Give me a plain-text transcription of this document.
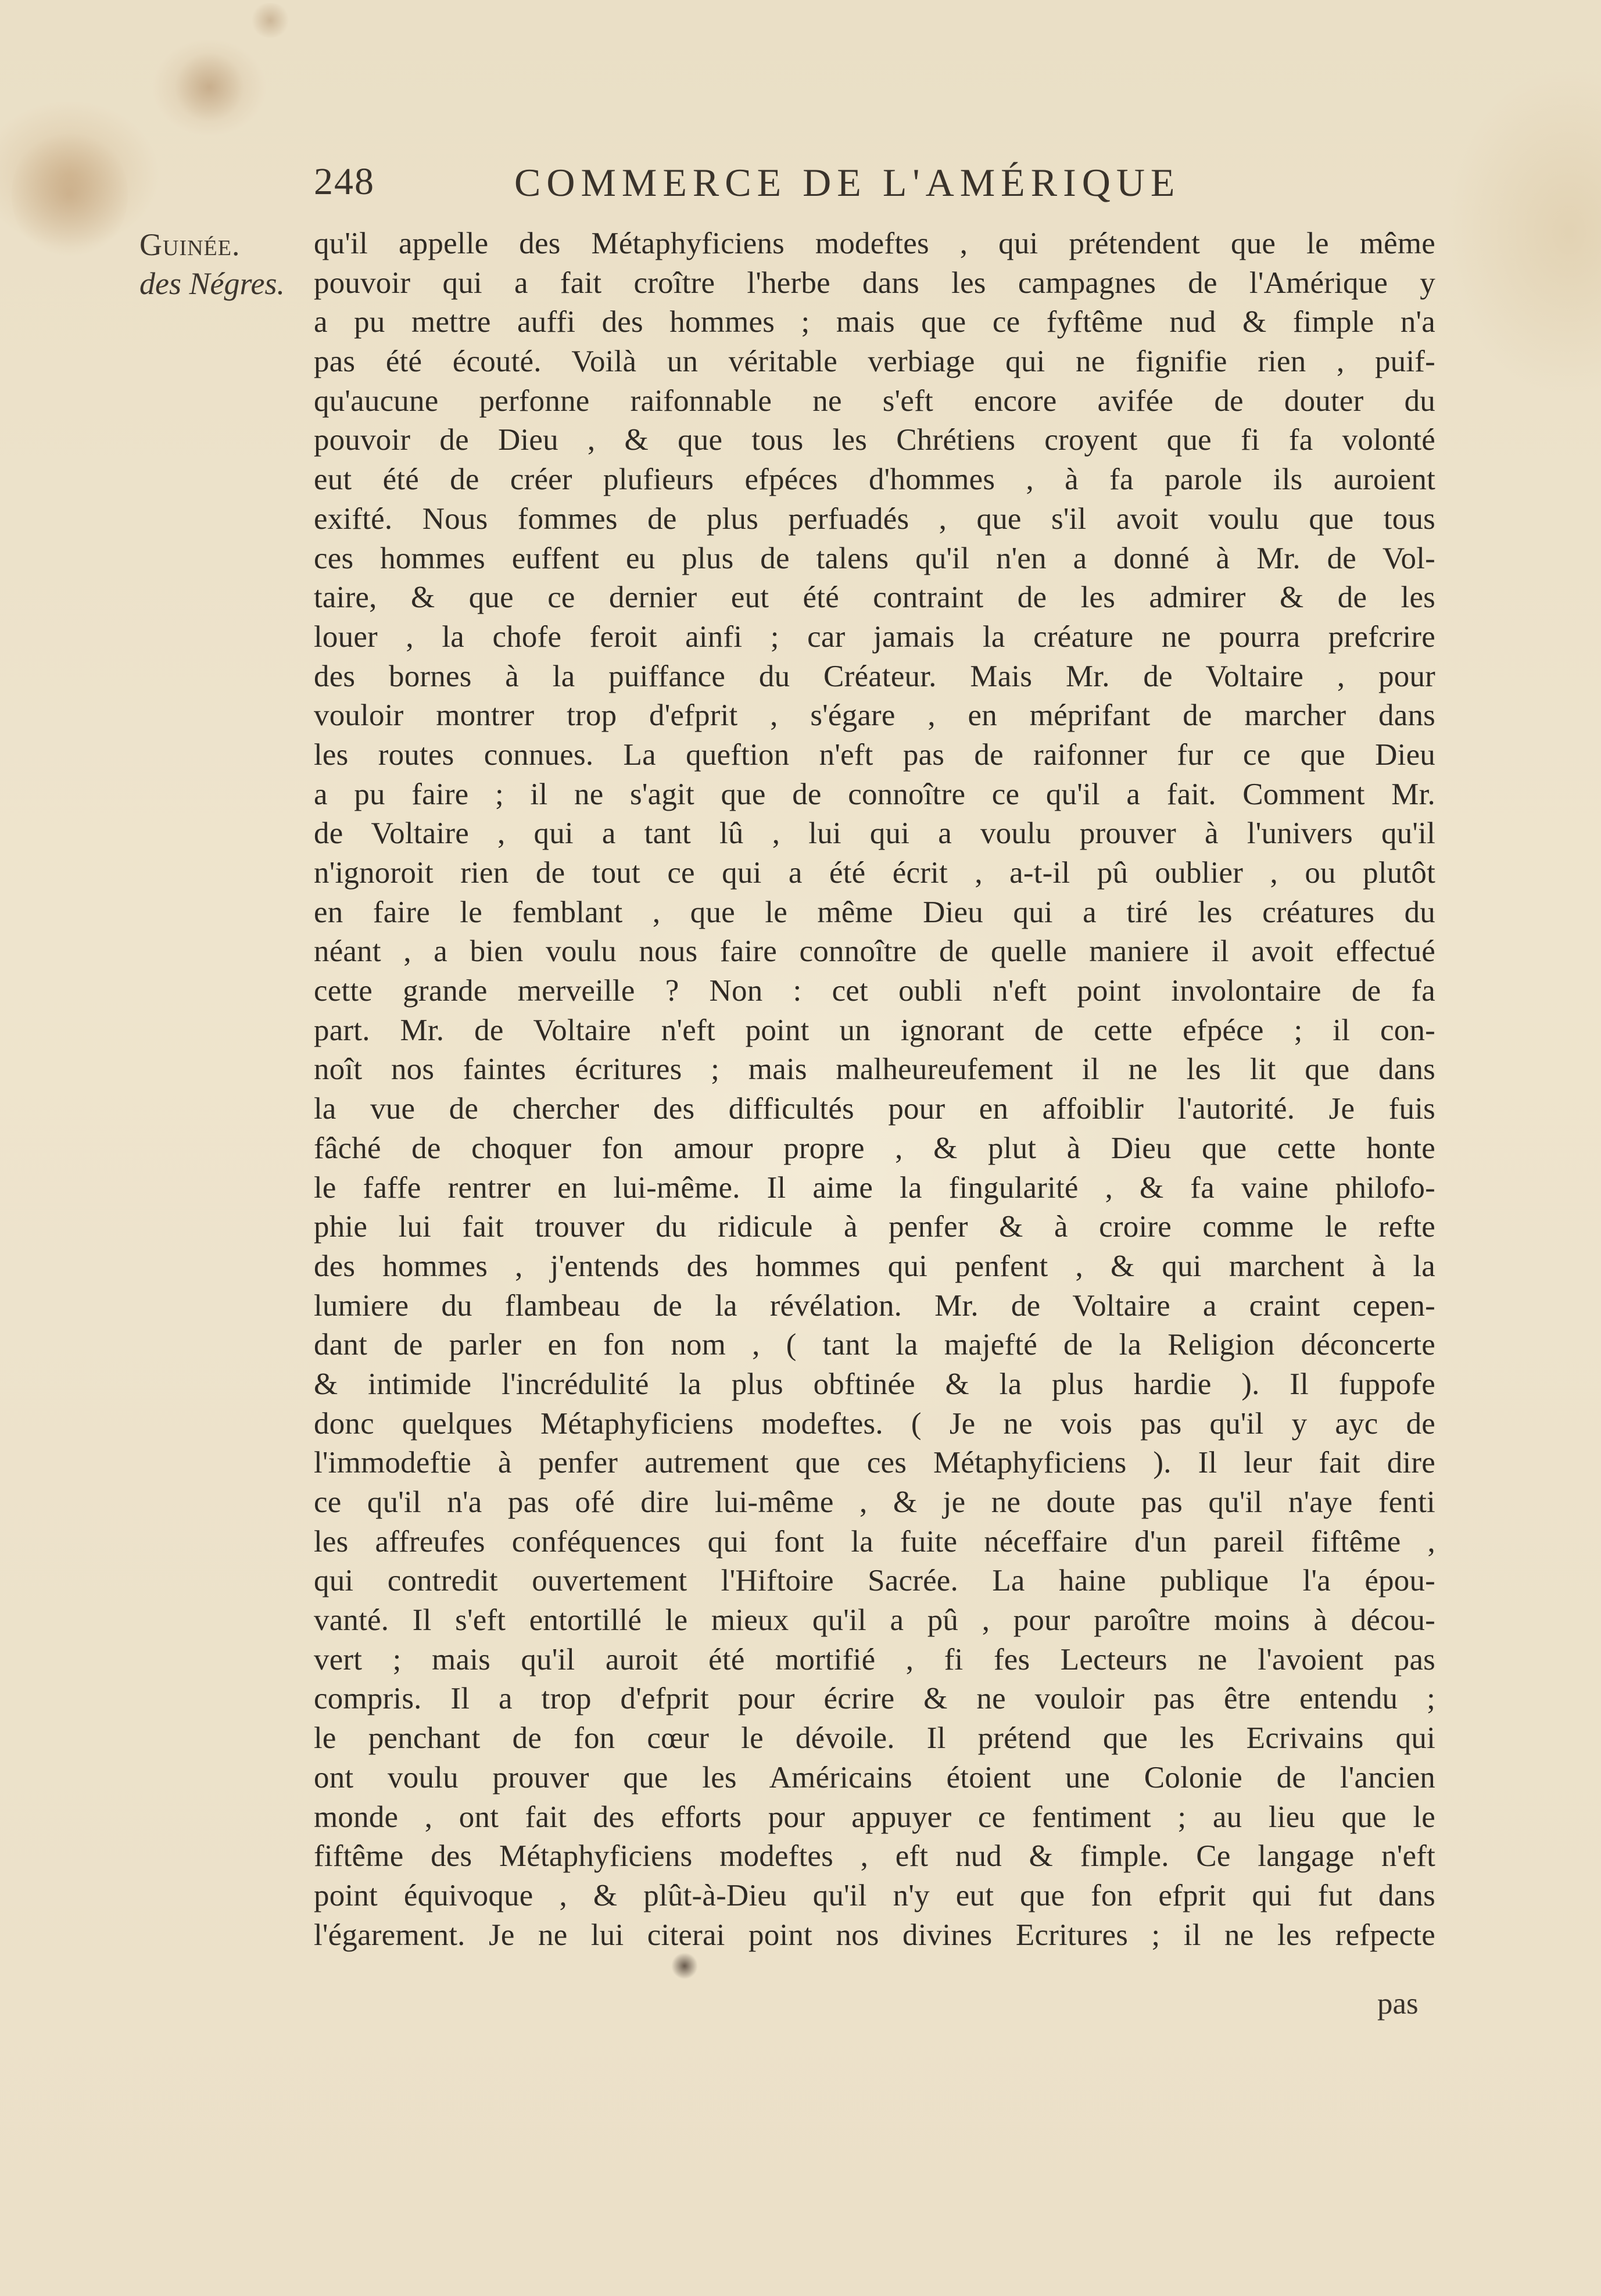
248	COMMERCE DE L'AMÉRIQUE
Guinée.
des Négres.
qu'il appelle des Métaphyficiens modeftes , qui prétendent que le même
pouvoir qui a fait croître l'herbe dans les campagnes de l'Amérique y
a pu mettre auffi des hommes ; mais que ce fyftême nud & fimple n'a
pas été écouté. Voilà un véritable verbiage qui ne fignifie rien , puif-
qu'aucune perfonne raifonnable ne s'eft encore avifée de douter du
pouvoir de Dieu , & que tous les Chrétiens croyent que fi fa volonté
eut été de créer plufieurs efpéces d'hommes , à fa parole ils auroient
exifté. Nous fommes de plus perfuadés , que s'il avoit voulu que tous
ces hommes euffent eu plus de talens qu'il n'en a donné à Mr. de Vol-
taire, & que ce dernier eut été contraint de les admirer & de les
louer , la chofe feroit ainfi ; car jamais la créature ne pourra prefcrire
des bornes à la puiffance du Créateur. Mais Mr. de Voltaire , pour
vouloir montrer trop d'efprit , s'égare , en méprifant de marcher dans
les routes connues. La queftion n'eft pas de raifonner fur ce que Dieu
a pu faire ; il ne s'agit que de connoître ce qu'il a fait. Comment Mr.
de Voltaire , qui a tant lû , lui qui a voulu prouver à l'univers qu'il
n'ignoroit rien de tout ce qui a été écrit , a-t-il pû oublier , ou plutôt
en faire le femblant , que le même Dieu qui a tiré les créatures du
néant , a bien voulu nous faire connoître de quelle maniere il avoit effectué
cette grande merveille ? Non : cet oubli n'eft point involontaire de fa
part. Mr. de Voltaire n'eft point un ignorant de cette efpéce ; il con-
noît nos faintes écritures ; mais malheureufement il ne les lit que dans
la vue de chercher des difficultés pour en affoiblir l'autorité. Je fuis
fâché de choquer fon amour propre , & plut à Dieu que cette honte
le faffe rentrer en lui-même. Il aime la fingularité , & fa vaine philofo-
phie lui fait trouver du ridicule à penfer & à croire comme le refte
des hommes , j'entends des hommes qui penfent , & qui marchent à la
lumiere du flambeau de la révélation. Mr. de Voltaire a craint cepen-
dant de parler en fon nom , ( tant la majefté de la Religion déconcerte
& intimide l'incrédulité la plus obftinée & la plus hardie ). Il fuppofe
donc quelques Métaphyficiens modeftes. ( Je ne vois pas qu'il y ayc de
l'immodeftie à penfer autrement que ces Métaphyficiens ). Il leur fait dire
ce qu'il n'a pas ofé dire lui-même , & je ne doute pas qu'il n'aye fenti
les affreufes conféquences qui font la fuite néceffaire d'un pareil fiftême ,
qui contredit ouvertement l'Hiftoire Sacrée. La haine publique l'a épou-
vanté. Il s'eft entortillé le mieux qu'il a pû , pour paroître moins à décou-
vert ; mais qu'il auroit été mortifié , fi fes Lecteurs ne l'avoient pas
compris. Il a trop d'efprit pour écrire & ne vouloir pas être entendu ;
le penchant de fon cœur le dévoile. Il prétend que les Ecrivains qui
ont voulu prouver que les Américains étoient une Colonie de l'ancien
monde , ont fait des efforts pour appuyer ce fentiment ; au lieu que le
fiftême des Métaphyficiens modeftes , eft nud & fimple. Ce langage n'eft
point équivoque , & plût-à-Dieu qu'il n'y eut que fon efprit qui fut dans
l'égarement. Je ne lui citerai point nos divines Ecritures ; il ne les refpecte
pas
